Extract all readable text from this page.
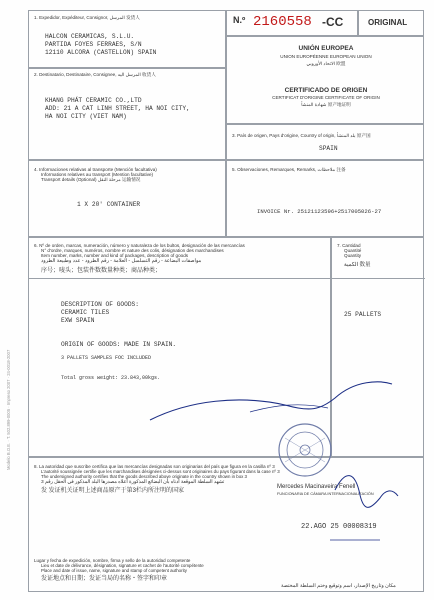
Modelo B.O.E. · T. 502.899-0005 · Impreso 2007 · 24-0018-2007
1. Expedidor, Expéditeur, Consignor, المرسل 发货人
HALCON CERAMICAS, S.L.U.
PARTIDA FOYES FERRAES, S/N
12110 ALCORA (CASTELLON) SPAIN
N.º 2160558 -CC	ORIGINAL
2. Destinatario, Destinataire, Consignee, المرسل اليه 收货人
KHANG PHÁT CERAMIC CO.,LTD
ADD: 21 A CAT LINH STREET, HA NOI CITY,
HA NOI CITY (VIET NAM)
UNIÓN EUROPEA
UNION EUROPÉENNE EUROPEAN UNION
الاتحاد الأوروبي 欧盟
CERTIFICADO DE ORIGEN
CERTIFICAT D'ORIGINE CERTIFICATE OF ORIGIN
شهادة المنشأ 原产地证明
3. País de origen, Pays d'origine, Country of origin, بلد المنشأ 原产国
SPAIN
4. Informaciones relativas al transporte (Mención facultativa)
Informations relatives au transport (Mention facultative)
Transport details (Optional) مرحلة النقل 运输情况
1 X 20' CONTAINER
5. Observaciones, Remarques, Remarks, ملاحظات 注备
INVOICE Nr. 25121123596+2517005026-27
6. Nº de orden, marcas, numeración, número y naturaleza de los bultos, designación de las mercancías
N° d'ordre, marques, numéros, nombre et nature des colis, désignation des marchandises
Item number, marks, number and kind of packages, description of goods
مواصفات البضاعة - رقم التسلسل - العلامة - رقم الطرود - عدد وطبيعة الطرود
序号；唛头；包装件数数量种类；商品种类；
DESCRIPTION OF GOODS:
CERAMIC TILES
EXW SPAIN
ORIGIN OF GOODS: MADE IN SPAIN.
3 PALLETS SAMPLES FOC INCLUDED
Total gross weight: 23.843,00kgs.
7. Cantidad
Quantité
Quantity
الكمية 数量
25 PALLETS
8. La autoridad que suscribe certifica que las mercancías designadas son originarias del país que figura en la casilla nº 3
L'autorité soussignée certifie que les marchandises désignées ci-dessus sont originaires du pays figurant dans la case nº 3
The undersigned authority certifies that the goods described above originate in the country shown in box 3
تشهد السلطة الموقعة أدناه بأن البضائع المذكورة أعلاه مصدرها البلد المذكور في الحقل رقم 3
发 发证机关证明上述商品原产于第3栏内所注明的国家
Mercedes Macinaveira Fenell
FUNCIONARIA DE CÁMARA INTERNACIONALIZACIÓN
22.AGO 25 00008319
Lugar y fecha de expedición, nombre, firma y sello de la autoridad competente
Lieu et date de délivrance, désignation, signature et cachet de l'autorité compétente
Place and date of issue, name, signature and stamp of competent authority
发证地点和日期；发证当局的名称・签字和印章
مكان وتاريخ الإصدار، اسم وتوقيع وختم السلطة المختصة
